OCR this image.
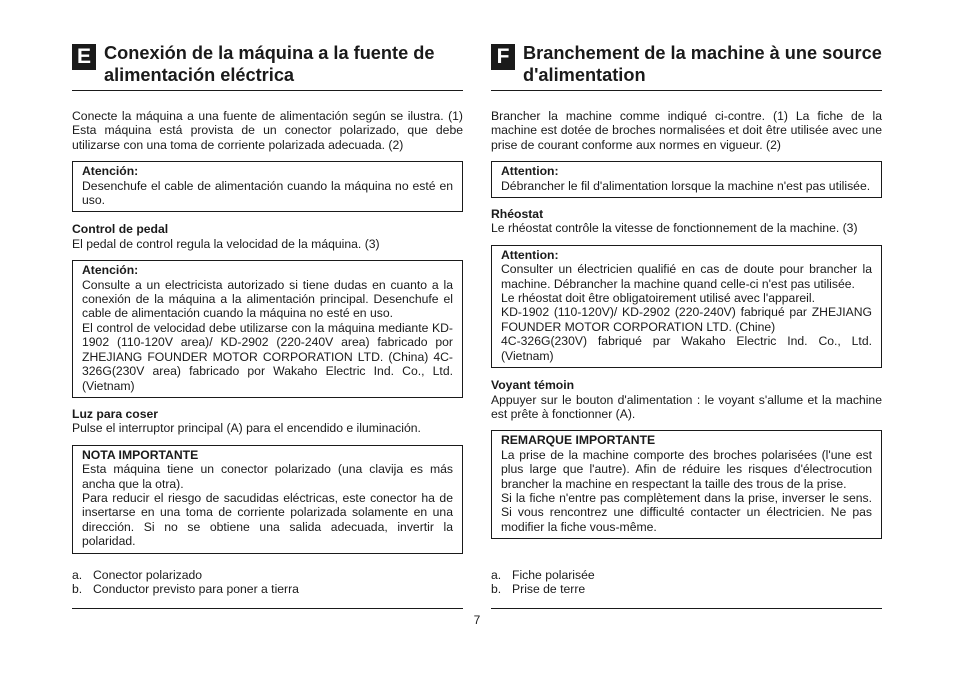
E Conexión de la máquina a la fuente de alimentación eléctrica

Conecte la máquina a una fuente de alimentación según se ilustra. (1) Esta máquina está provista de un conector polarizado, que debe utilizarse con una toma de corriente polarizada adecuada. (2)

Atención:

Desenchufe el cable de alimentación cuando la máquina no esté en uso.

Control de pedal

El pedal de control regula la velocidad de la máquina. (3)

Atención:

Consulte a un electricista autorizado si tiene dudas en cuanto a la conexión de la máquina a la alimentación principal. Desenchufe el cable de alimentación cuando la máquina no esté en uso.

El control de velocidad debe utilizarse con la máquina mediante KD-1902 (110-120V area)/ KD-2902 (220-240V area) fabricado por ZHEJIANG FOUNDER MOTOR CORPORATION LTD. (China) 4C-326G(230V area) fabricado por Wakaho Electric Ind. Co., Ltd. (Vietnam)

Luz para coser

Pulse el interruptor principal (A) para el encendido e iluminación.

NOTA IMPORTANTE

Esta máquina tiene un conector polarizado (una clavija es más ancha que la otra).

Para reducir el riesgo de sacudidas eléctricas, este conector ha de insertarse en una toma de corriente polarizada solamente en una dirección. Si no se obtiene una salida adecuada, invertir la polaridad.

a. Conector polarizado
b. Conductor previsto para poner a tierra
F Branchement de la machine à une source d'alimentation

Brancher la machine comme indiqué ci-contre. (1) La fiche de la machine est dotée de broches normalisées et doit être utilisée avec une prise de courant conforme aux normes en vigueur. (2)

Attention:

Débrancher le fil d'alimentation lorsque la machine n'est pas utilisée.

Rhéostat

Le rhéostat contrôle la vitesse de fonctionnement de la machine. (3)

Attention:

Consulter un électricien qualifié en cas de doute pour brancher la machine. Débrancher la machine quand celle-ci n'est pas utilisée.

Le rhéostat doit être obligatoirement utilisé avec l'appareil.

KD-1902 (110-120V)/ KD-2902 (220-240V) fabriqué par ZHEJIANG FOUNDER MOTOR CORPORATION LTD. (Chine)

4C-326G(230V) fabriqué par Wakaho Electric Ind. Co., Ltd. (Vietnam)

Voyant témoin

Appuyer sur le bouton d'alimentation : le voyant s'allume et la machine est prête à fonctionner (A).

REMARQUE IMPORTANTE

La prise de la machine comporte des broches polarisées (l'une est plus large que l'autre). Afin de réduire les risques d'électrocution brancher la machine en respectant la taille des trous de la prise.

Si la fiche n'entre pas complètement dans la prise, inverser le sens. Si vous rencontrez une difficulté contacter un électricien. Ne pas modifier la fiche vous-même.

a. Fiche polarisée
b. Prise de terre
7
